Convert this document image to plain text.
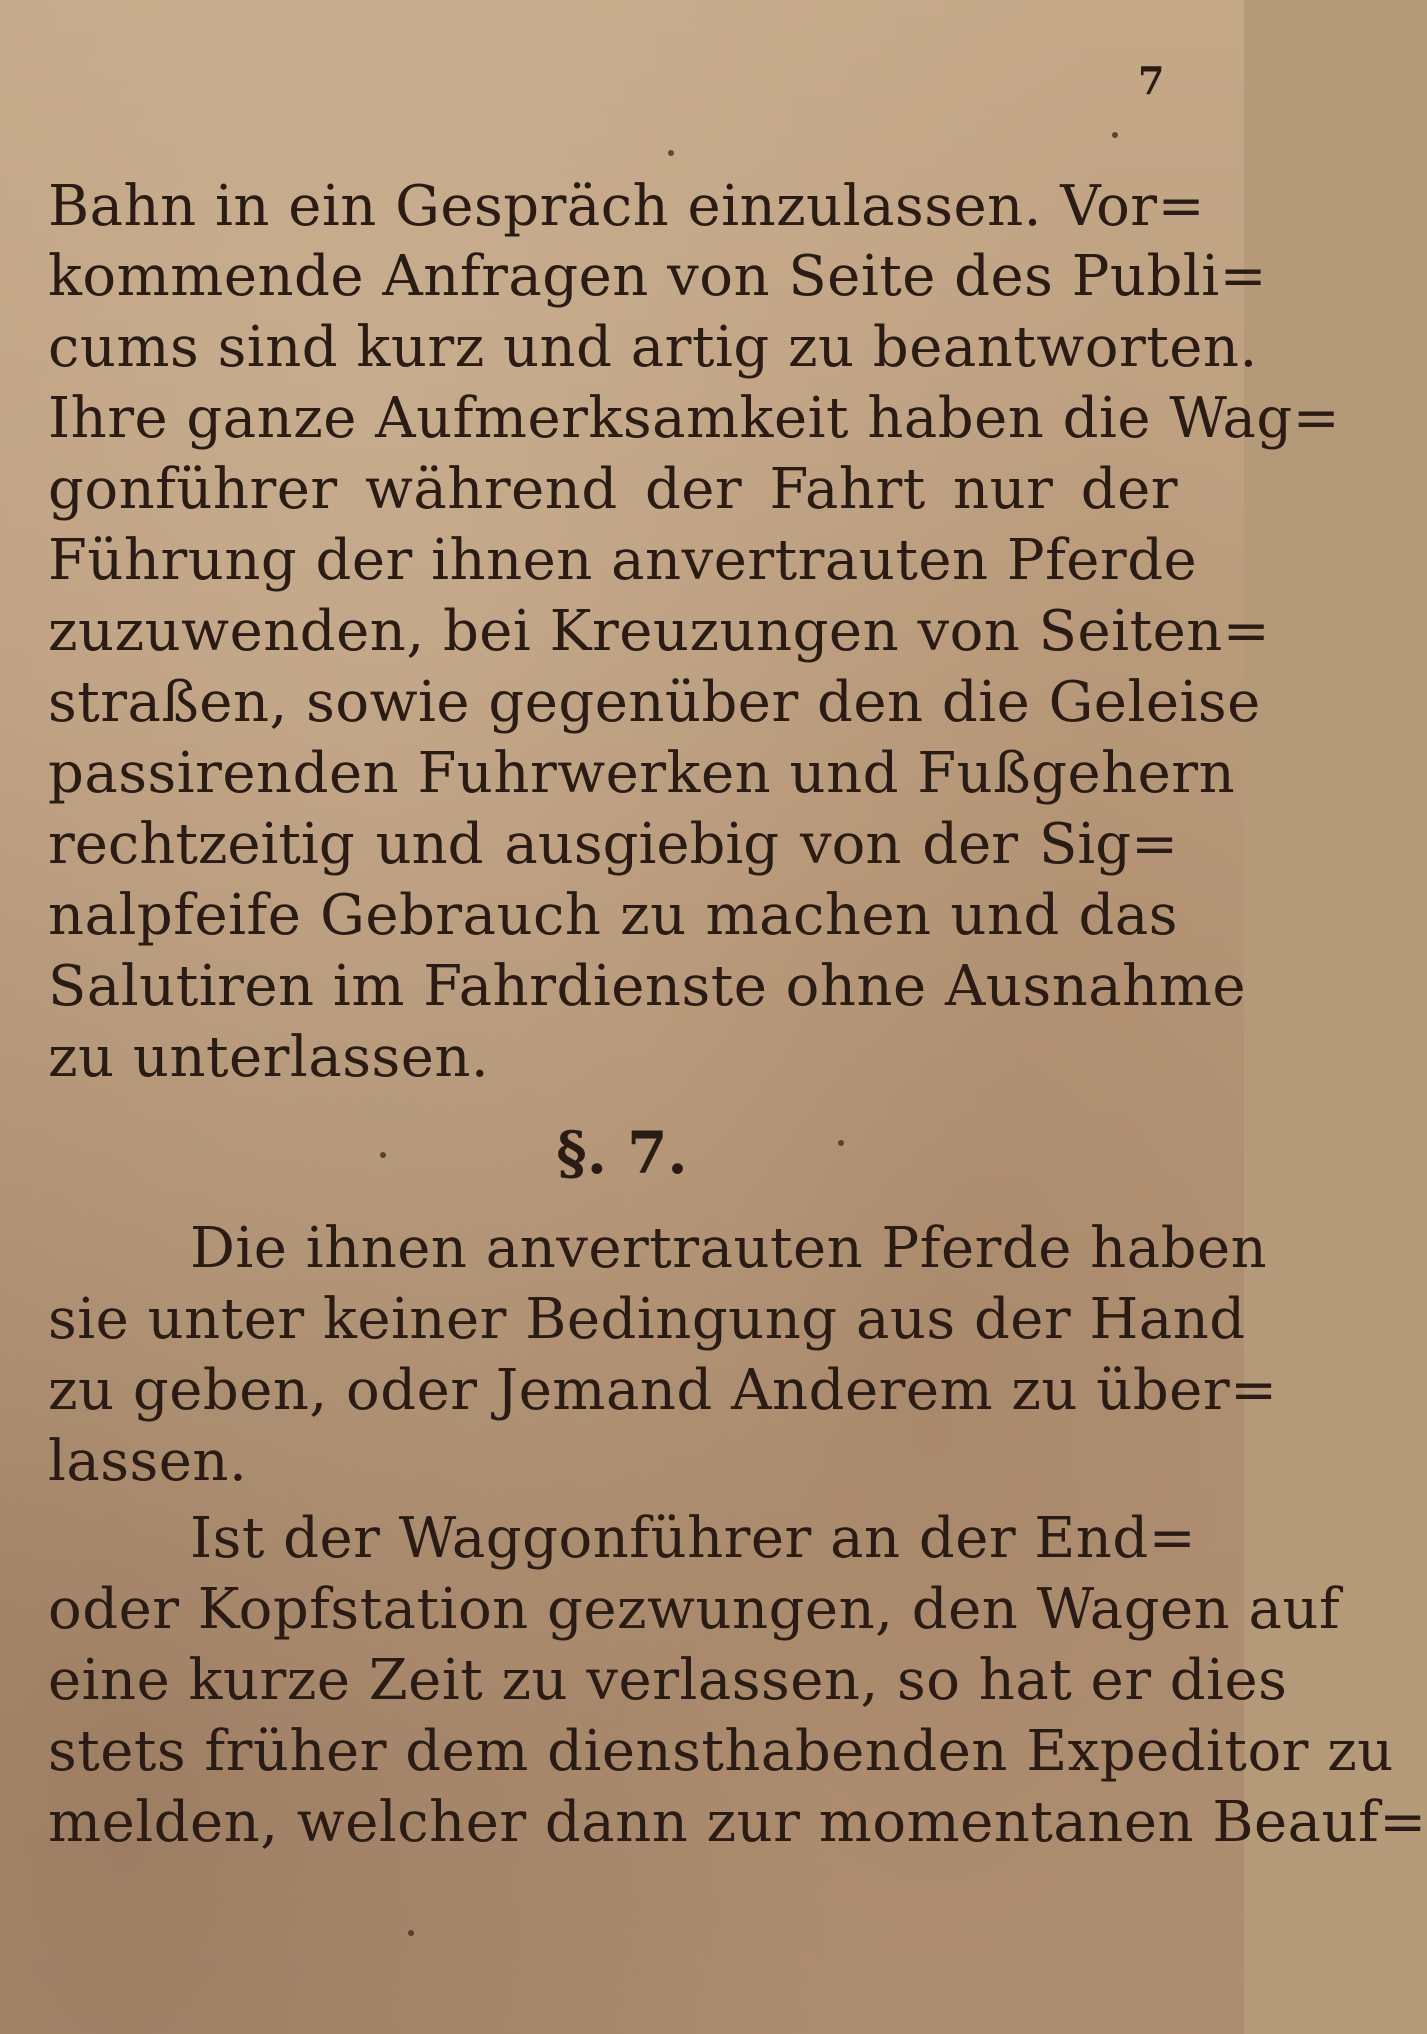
7
Bahn in ein Gespräch einzulassen. Vor=
kommende Anfragen von Seite des Publi=
cums sind kurz und artig zu beantworten.
Ihre ganze Aufmerksamkeit haben die Wag=
gonführer während der Fahrt nur der
Führung der ihnen anvertrauten Pferde
zuzuwenden, bei Kreuzungen von Seiten=
straßen, sowie gegenüber den die Geleise
passirenden Fuhrwerken und Fußgehern
rechtzeitig und ausgiebig von der Sig=
nalpfeife Gebrauch zu machen und das
Salutiren im Fahrdienste ohne Ausnahme
zu unterlassen.
§. 7.
Die ihnen anvertrauten Pferde haben
sie unter keiner Bedingung aus der Hand
zu geben, oder Jemand Anderem zu über=
lassen.
Ist der Waggonführer an der End=
oder Kopfstation gezwungen, den Wagen auf
eine kurze Zeit zu verlassen, so hat er dies
stets früher dem diensthabenden Expeditor zu
melden, welcher dann zur momentanen Beauf=
